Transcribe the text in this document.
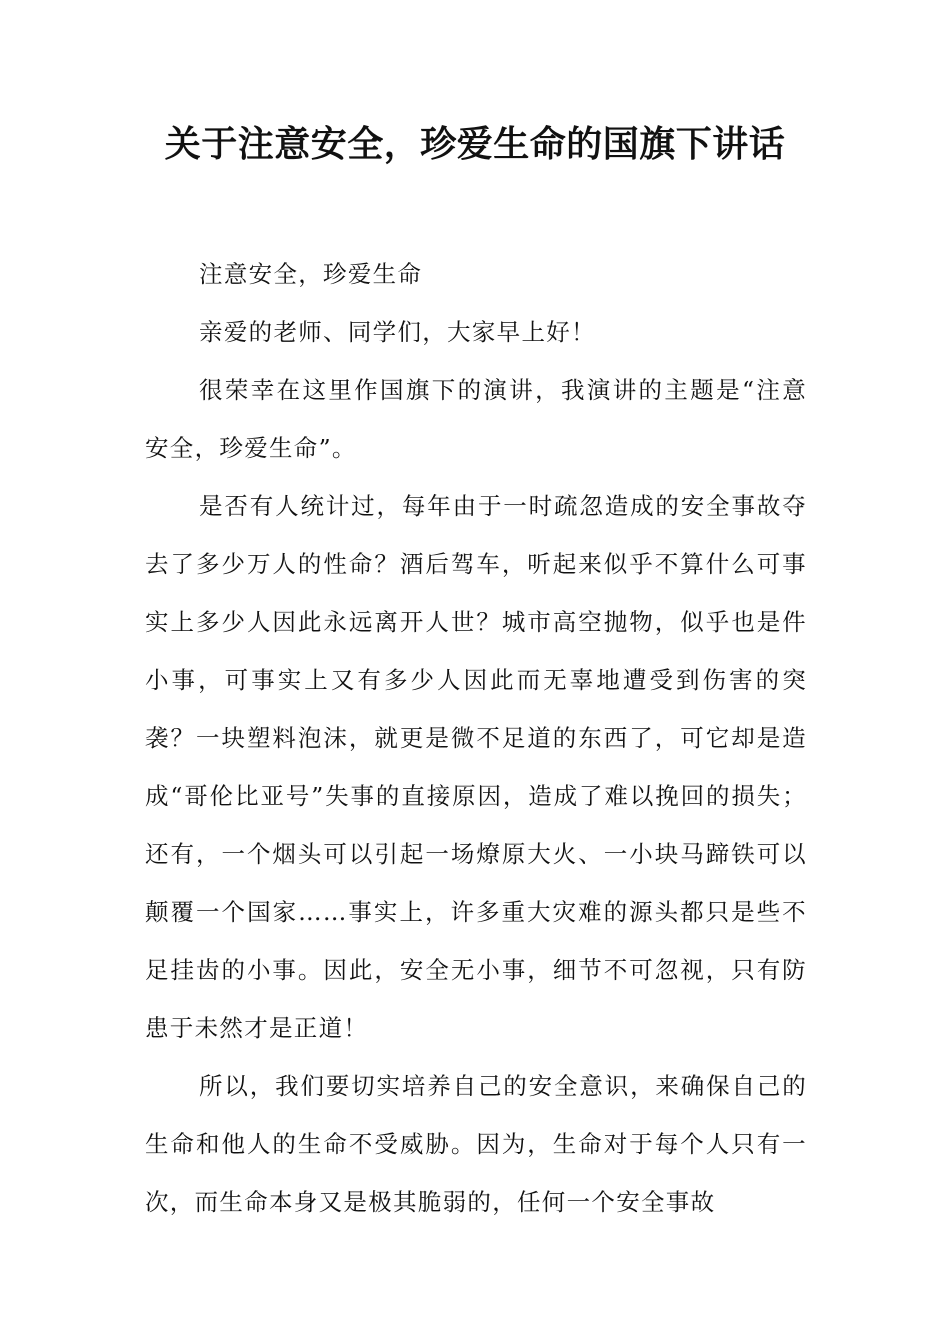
关于注意安全，珍爱生命的国旗下讲话

注意安全，珍爱生命

亲爱的老师、同学们，大家早上好！

很荣幸在这里作国旗下的演讲，我演讲的主题是“注意安全，珍爱生命”。

是否有人统计过，每年由于一时疏忽造成的安全事故夺去了多少万人的性命？酒后驾车，听起来似乎不算什么可事实上多少人因此永远离开人世？城市高空抛物，似乎也是件小事，可事实上又有多少人因此而无辜地遭受到伤害的突袭？一块塑料泡沫，就更是微不足道的东西了，可它却是造成“哥伦比亚号”失事的直接原因，造成了难以挽回的损失；还有，一个烟头可以引起一场燎原大火、一小块马蹄铁可以颠覆一个国家……事实上，许多重大灾难的源头都只是些不足挂齿的小事。因此，安全无小事，细节不可忽视，只有防患于未然才是正道！

所以，我们要切实培养自己的安全意识，来确保自己的生命和他人的生命不受威胁。因为，生命对于每个人只有一次，而生命本身又是极其脆弱的，任何一个安全事故
